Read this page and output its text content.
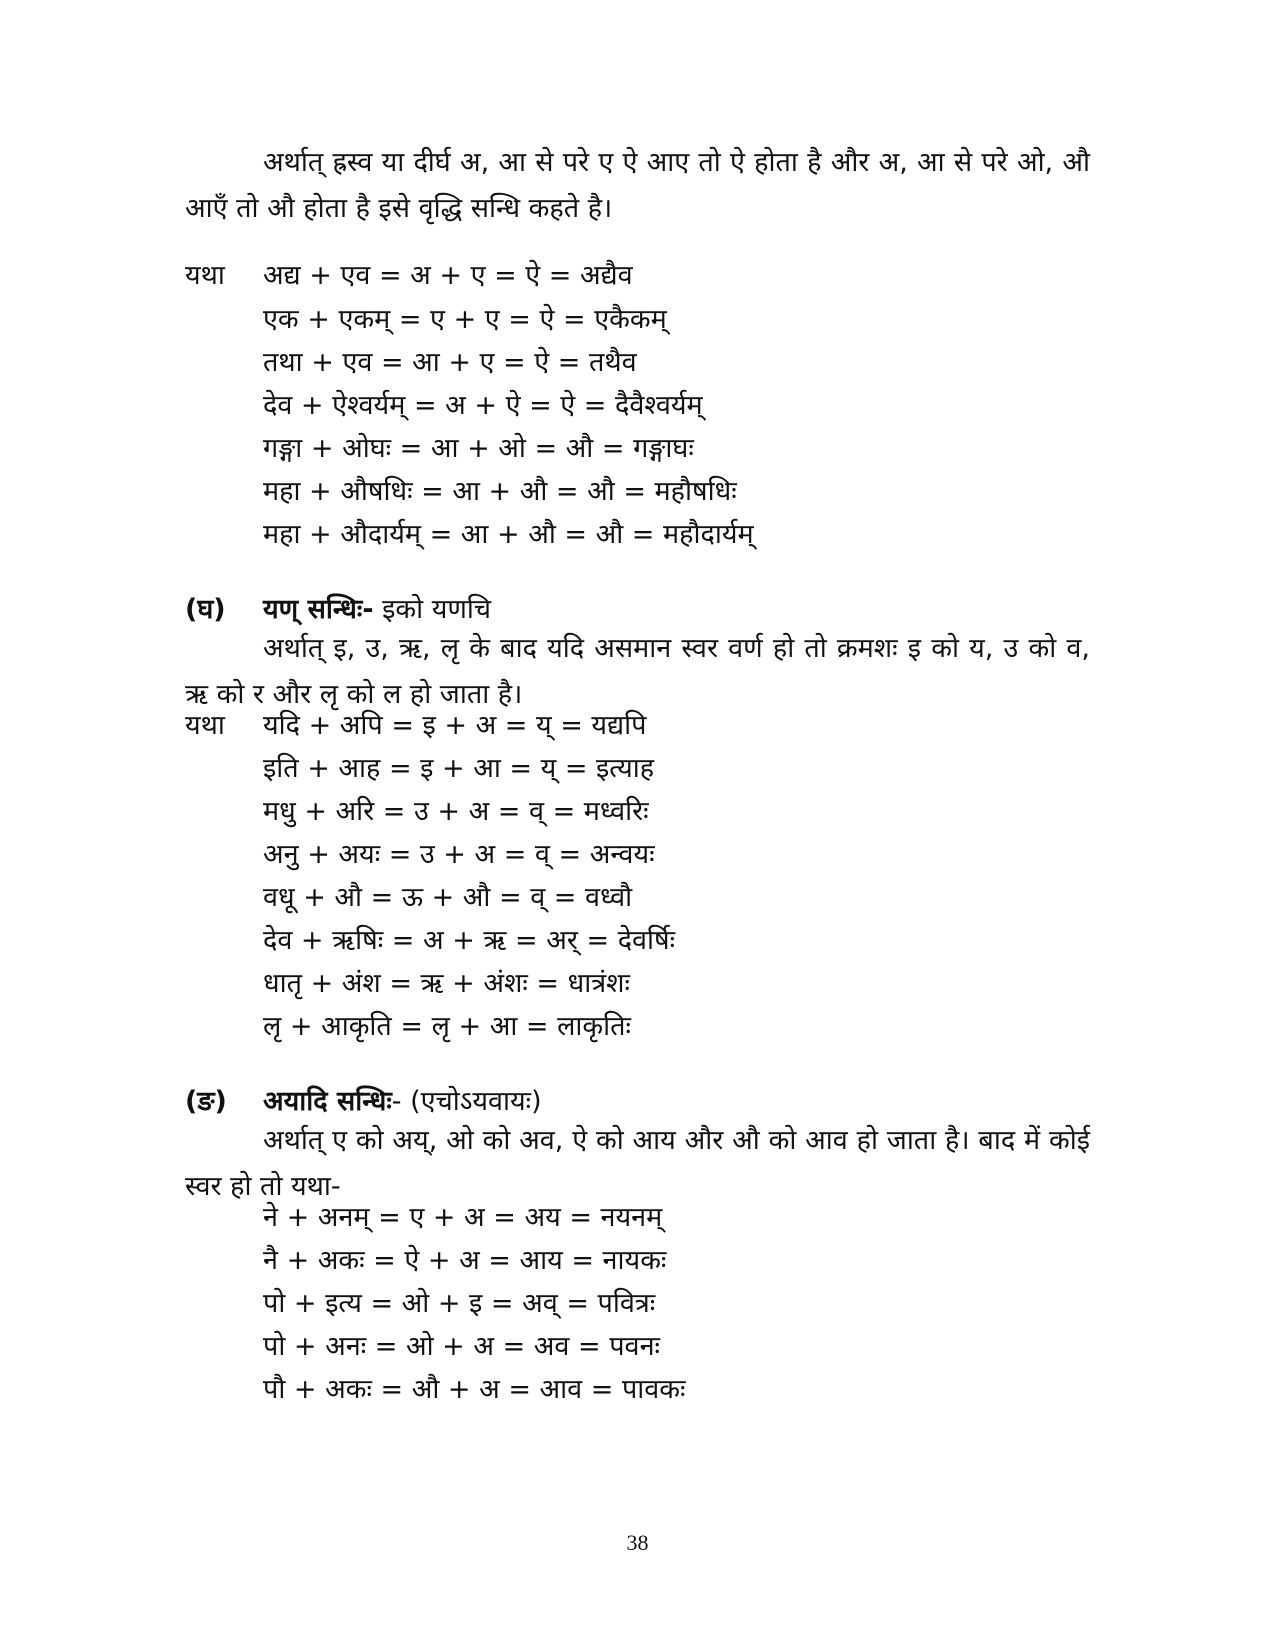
अर्थात् ह्रस्व या दीर्घ अ, आ से परे ए ऐ आए तो ऐ होता है और अ, आ से परे ओ, औ आएँ तो औ होता है इसे वृद्धि सन्धि कहते है।

यथा अद्य + एव = अ + ए = ऐ = अद्यैव
एक + एकम् = ए + ए = ऐ = एकैकम्
तथा + एव = आ + ए = ऐ = तथैव
देव + ऐश्वर्यम् = अ + ऐ = ऐ = दैवैश्वर्यम्
गङ्गा + ओघः = आ + ओ = औ = गङ्गाघः
महा + औषधिः = आ + औ = औ = महौषधिः
महा + औदार्यम् = आ + औ = औ = महौदार्यम्
(घ) यण् सन्धिः- इको यणचि

अर्थात् इ, उ, ऋ, लृ के बाद यदि असमान स्वर वर्ण हो तो क्रमशः इ को य, उ को व, ऋ को र और लृ को ल हो जाता है।

यथा यदि + अपि = इ + अ = य् = यद्यपि
इति + आह = इ + आ = य् = इत्याह
मधु + अरि = उ + अ = व् = मध्वरिः
अनु + अयः = उ + अ = व् = अन्वयः
वधू + औ = ऊ + औ = व् = वध्वौ
देव + ऋषिः = अ + ऋ = अर् = देवर्षिः
धातृ + अंश = ऋ + अंशः = धात्रंशः
लृ + आकृति = लृ + आ = लाकृतिः
(ङ) अयादि सन्धिः- (एचोऽयवायः)

अर्थात् ए को अय्, ओ को अव, ऐ को आय और औ को आव हो जाता है। बाद में कोई स्वर हो तो यथा-

ने + अनम् = ए + अ = अय = नयनम्
नै + अकः = ऐ + अ = आय = नायकः
पो + इत्य = ओ + इ = अव् = पवित्रः
पो + अनः = ओ + अ = अव = पवनः
पौ + अकः = औ + अ = आव = पावकः
38
